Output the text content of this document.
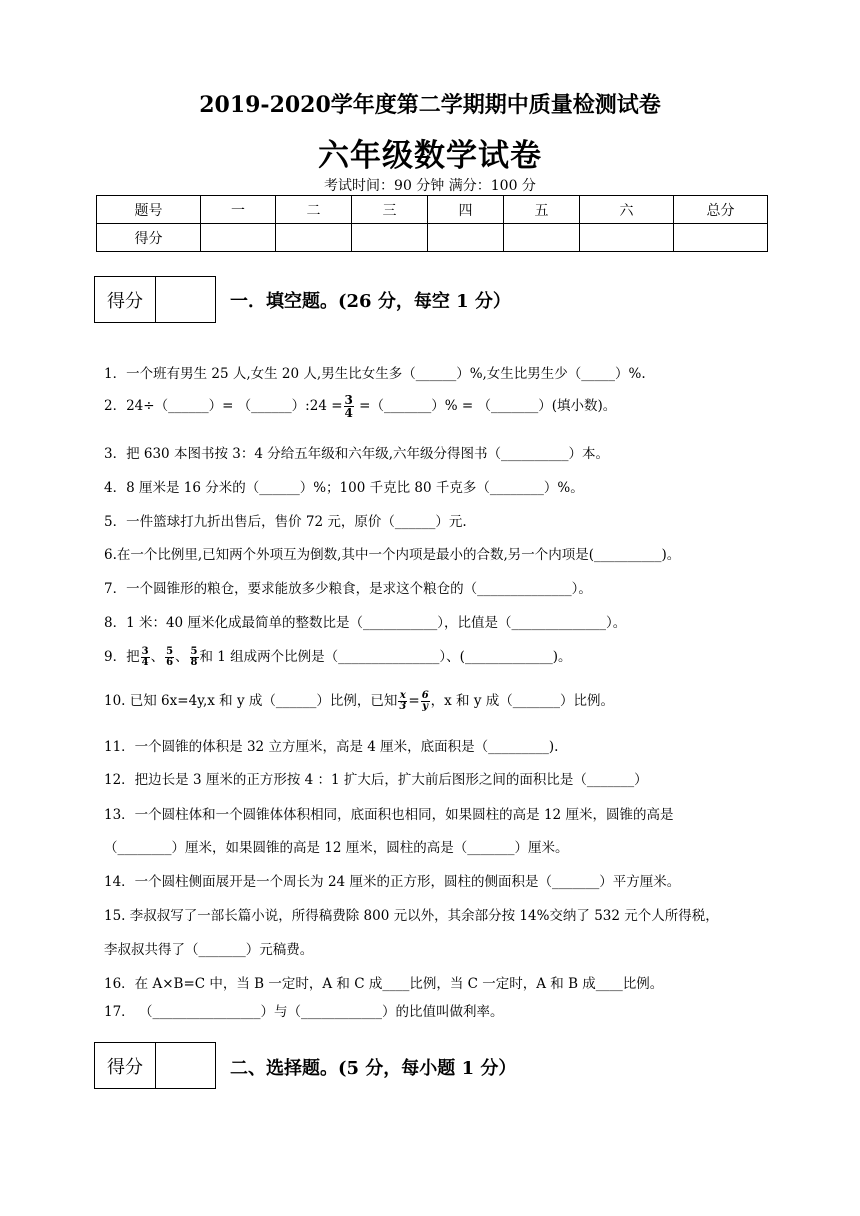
2019-2020学年度第二学期期中质量检测试卷
六年级数学试卷
考试时间：90 分钟 满分：100 分
题号	一	二	三	四	五	六	总分
得分							
得分	一．填空题。(26 分，每空 1 分）
1．一个班有男生 25 人,女生 20 人,男生比女生多（______）%,女生比男生少（_____）%.
2．24÷（______）= （______）:24 = $\frac{3}{4}$ =（_______）% = （_______）(填小数)。
3．把 630 本图书按 3：4 分给五年级和六年级,六年级分得图书（__________）本。
4．8 厘米是 16 分米的（______）%；100 千克比 80 千克多（________）%。
5．一件篮球打九折出售后，售价 72 元，原价（______）元.
6.在一个比例里,已知两个外项互为倒数,其中一个内项是最小的合数,另一个内项是(__________)。
7．一个圆锥形的粮仓，要求能放多少粮食，是求这个粮仓的（______________）。
8．1 米：40 厘米化成最简单的整数比是（___________），比值是（______________）。
9．把 $\frac{3}{4}$ 、 $\frac{5}{6}$ 、 $\frac{5}{8}$ 和 1 组成两个比例是（_______________）、(_____________)。
10. 已知 6x=4y,x 和 y 成（______）比例，已知 $\frac{x}{3} = \frac{6}{y}$ ，x 和 y 成（_______）比例。
11．一个圆锥的体积是 32 立方厘米，高是 4 厘米，底面积是（_________).
12．把边长是 3 厘米的正方形按 4 ：1 扩大后，扩大前后图形之间的面积比是（_______）
13．一个圆柱体和一个圆锥体体积相同，底面积也相同，如果圆柱的高是 12 厘米，圆锥的高是
（________）厘米，如果圆锥的高是 12 厘米，圆柱的高是（_______）厘米。
14．一个圆柱侧面展开是一个周长为 24 厘米的正方形，圆柱的侧面积是（_______）平方厘米。
15. 李叔叔写了一部长篇小说，所得稿费除 800 元以外，其余部分按 14%交纳了 532 元个人所得税，
李叔叔共得了（_______）元稿费。
16．在 A×B=C 中，当 B 一定时，A 和 C 成____比例，当 C 一定时，A 和 B 成____比例。
17． （________________）与（____________）的比值叫做利率。
得分	二、选择题。(5 分，每小题 1 分）
